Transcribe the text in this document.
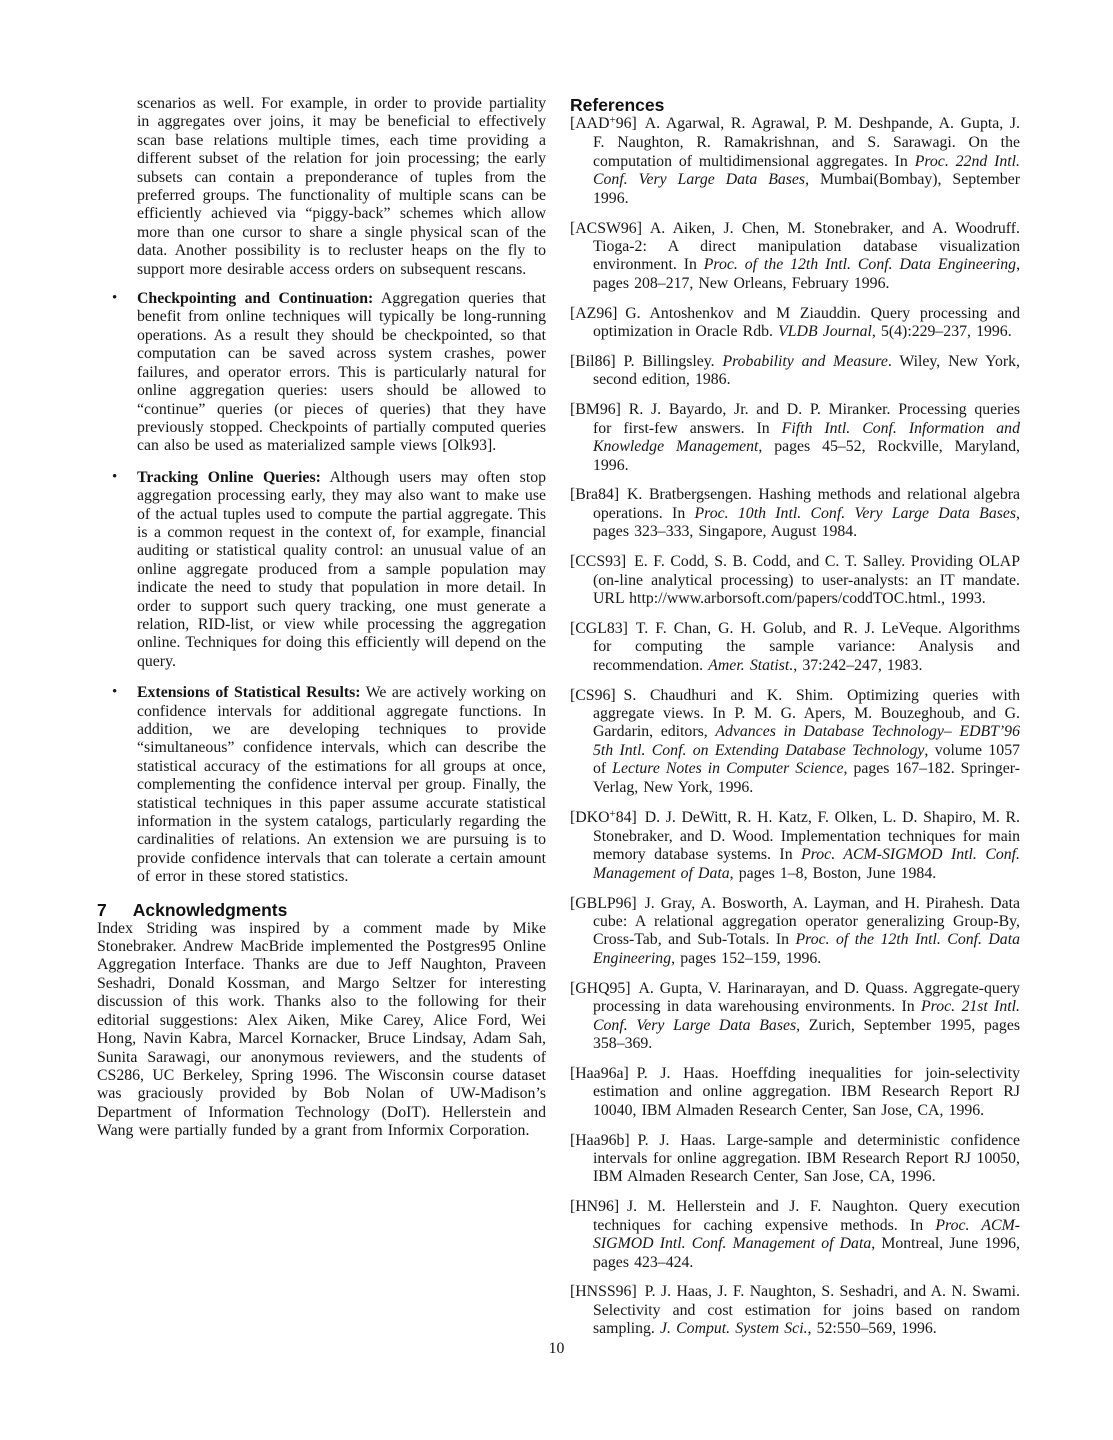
scenarios as well. For example, in order to provide partiality in aggregates over joins, it may be beneficial to effectively scan base relations multiple times, each time providing a different subset of the relation for join processing; the early subsets can contain a preponderance of tuples from the preferred groups. The functionality of multiple scans can be efficiently achieved via “piggy-back” schemes which allow more than one cursor to share a single physical scan of the data. Another possibility is to recluster heaps on the fly to support more desirable access orders on subsequent rescans.

• Checkpointing and Continuation: Aggregation queries that benefit from online techniques will typically be long-running operations. As a result they should be checkpointed, so that computation can be saved across system crashes, power failures, and operator errors. This is particularly natural for online aggregation queries: users should be allowed to “continue” queries (or pieces of queries) that they have previously stopped. Checkpoints of partially computed queries can also be used as materialized sample views [Olk93].
• Tracking Online Queries: Although users may often stop aggregation processing early, they may also want to make use of the actual tuples used to compute the partial aggregate. This is a common request in the context of, for example, financial auditing or statistical quality control: an unusual value of an online aggregate produced from a sample population may indicate the need to study that population in more detail. In order to support such query tracking, one must generate a relation, RID-list, or view while processing the aggregation online. Techniques for doing this efficiently will depend on the query.
• Extensions of Statistical Results: We are actively working on confidence intervals for additional aggregate functions. In addition, we are developing techniques to provide “simultaneous” confidence intervals, which can describe the statistical accuracy of the estimations for all groups at once, complementing the confidence interval per group. Finally, the statistical techniques in this paper assume accurate statistical information in the system catalogs, particularly regarding the cardinalities of relations. An extension we are pursuing is to provide confidence intervals that can tolerate a certain amount of error in these stored statistics.
7 Acknowledgments

Index Striding was inspired by a comment made by Mike Stonebraker. Andrew MacBride implemented the Postgres95 Online Aggregation Interface. Thanks are due to Jeff Naughton, Praveen Seshadri, Donald Kossman, and Margo Seltzer for interesting discussion of this work. Thanks also to the following for their editorial suggestions: Alex Aiken, Mike Carey, Alice Ford, Wei Hong, Navin Kabra, Marcel Kornacker, Bruce Lindsay, Adam Sah, Sunita Sarawagi, our anonymous reviewers, and the students of CS286, UC Berkeley, Spring 1996. The Wisconsin course dataset was graciously provided by Bob Nolan of UW-Madison’s Department of Information Technology (DoIT). Hellerstein and Wang were partially funded by a grant from Informix Corporation.

References

[AAD+96] A. Agarwal, R. Agrawal, P. M. Deshpande, A. Gupta, J. F. Naughton, R. Ramakrishnan, and S. Sarawagi. On the computation of multidimensional aggregates. In Proc. 22nd Intl. Conf. Very Large Data Bases, Mumbai(Bombay), September 1996.

[ACSW96] A. Aiken, J. Chen, M. Stonebraker, and A. Woodruff. Tioga-2: A direct manipulation database visualization environment. In Proc. of the 12th Intl. Conf. Data Engineering, pages 208–217, New Orleans, February 1996.

[AZ96] G. Antoshenkov and M Ziauddin. Query processing and optimization in Oracle Rdb. VLDB Journal, 5(4):229–237, 1996.

[Bil86] P. Billingsley. Probability and Measure. Wiley, New York, second edition, 1986.

[BM96] R. J. Bayardo, Jr. and D. P. Miranker. Processing queries for first-few answers. In Fifth Intl. Conf. Information and Knowledge Management, pages 45–52, Rockville, Maryland, 1996.

[Bra84] K. Bratbergsengen. Hashing methods and relational algebra operations. In Proc. 10th Intl. Conf. Very Large Data Bases, pages 323–333, Singapore, August 1984.

[CCS93] E. F. Codd, S. B. Codd, and C. T. Salley. Providing OLAP (on-line analytical processing) to user-analysts: an IT mandate. URL http://www.arborsoft.com/papers/coddTOC.html., 1993.

[CGL83] T. F. Chan, G. H. Golub, and R. J. LeVeque. Algorithms for computing the sample variance: Analysis and recommendation. Amer. Statist., 37:242–247, 1983.

[CS96] S. Chaudhuri and K. Shim. Optimizing queries with aggregate views. In P. M. G. Apers, M. Bouzeghoub, and G. Gardarin, editors, Advances in Database Technology– EDBT’96 5th Intl. Conf. on Extending Database Technology, volume 1057 of Lecture Notes in Computer Science, pages 167–182. Springer-Verlag, New York, 1996.

[DKO+84] D. J. DeWitt, R. H. Katz, F. Olken, L. D. Shapiro, M. R. Stonebraker, and D. Wood. Implementation techniques for main memory database systems. In Proc. ACM-SIGMOD Intl. Conf. Management of Data, pages 1–8, Boston, June 1984.

[GBLP96] J. Gray, A. Bosworth, A. Layman, and H. Pirahesh. Data cube: A relational aggregation operator generalizing Group-By, Cross-Tab, and Sub-Totals. In Proc. of the 12th Intl. Conf. Data Engineering, pages 152–159, 1996.

[GHQ95] A. Gupta, V. Harinarayan, and D. Quass. Aggregate-query processing in data warehousing environments. In Proc. 21st Intl. Conf. Very Large Data Bases, Zurich, September 1995, pages 358–369.

[Haa96a] P. J. Haas. Hoeffding inequalities for join-selectivity estimation and online aggregation. IBM Research Report RJ 10040, IBM Almaden Research Center, San Jose, CA, 1996.

[Haa96b] P. J. Haas. Large-sample and deterministic confidence intervals for online aggregation. IBM Research Report RJ 10050, IBM Almaden Research Center, San Jose, CA, 1996.

[HN96] J. M. Hellerstein and J. F. Naughton. Query execution techniques for caching expensive methods. In Proc. ACM-SIGMOD Intl. Conf. Management of Data, Montreal, June 1996, pages 423–424.

[HNSS96] P. J. Haas, J. F. Naughton, S. Seshadri, and A. N. Swami. Selectivity and cost estimation for joins based on random sampling. J. Comput. System Sci., 52:550–569, 1996.

10
